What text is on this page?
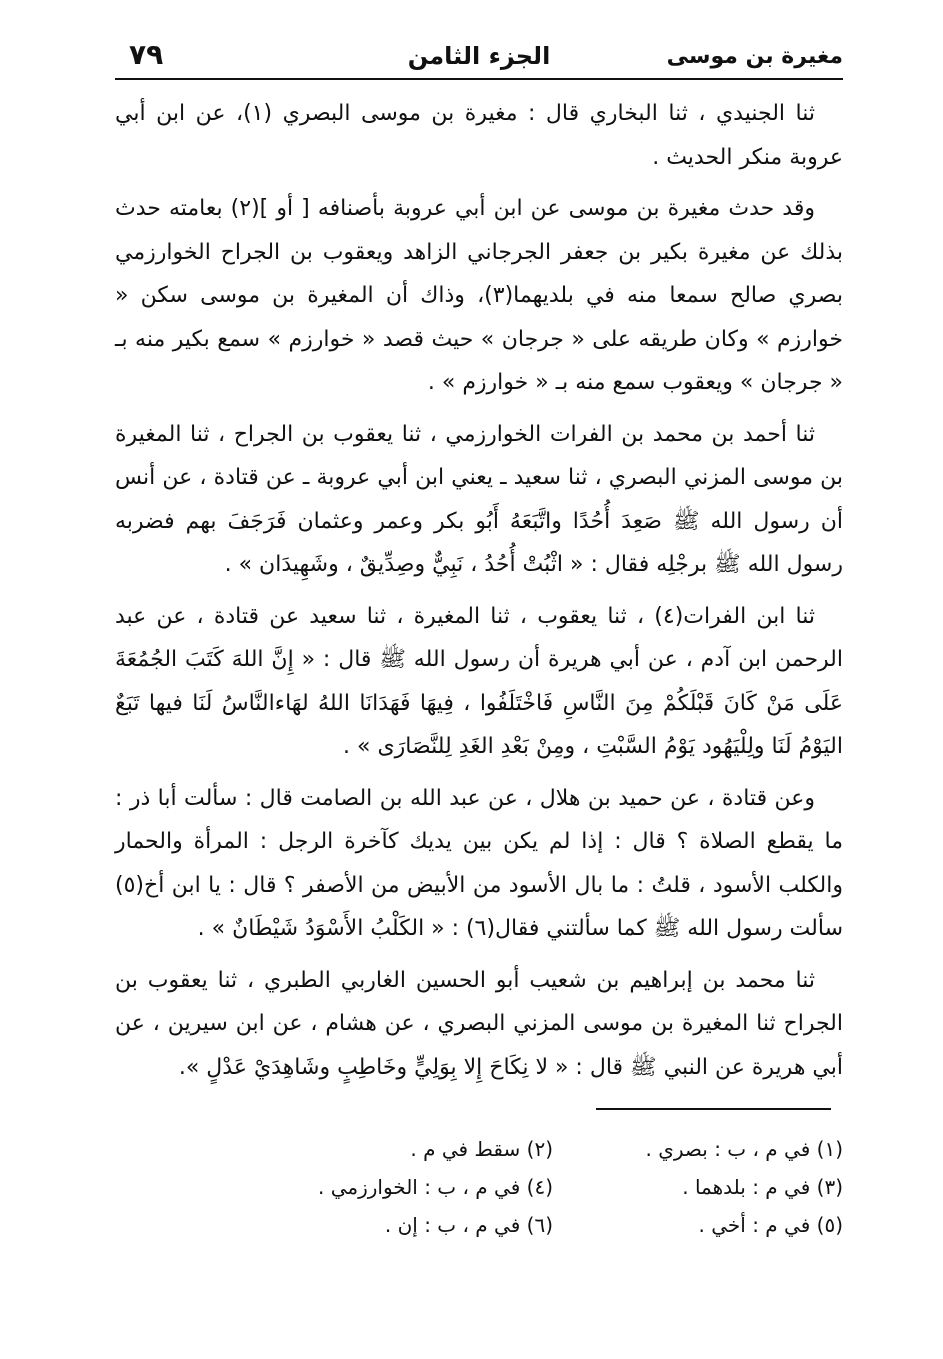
مغيرة بن موسى
الجزء الثامن
٧٩

ثنا الجنيدي ، ثنا البخاري قال : مغيرة بن موسى البصري (١)، عن ابن أبي عروبة منكر الحديث .

وقد حدث مغيرة بن موسى عن ابن أبي عروبة بأصنافه [ أو ](٢) بعامته حدث بذلك عن مغيرة بكير بن جعفر الجرجاني الزاهد ويعقوب بن الجراح الخوارزمي بصري صالح سمعا منه في بلديهما(٣)، وذاك أن المغيرة بن موسى سكن « خوارزم » وكان طريقه على « جرجان » حيث قصد « خوارزم » سمع بكير منه بـ « جرجان » ويعقوب سمع منه بـ « خوارزم » .

ثنا أحمد بن محمد بن الفرات الخوارزمي ، ثنا يعقوب بن الجراح ، ثنا المغيرة بن موسى المزني البصري ، ثنا سعيد ـ يعني ابن أبي عروبة ـ عن قتادة ، عن أنس أن رسول الله ﷺ صَعِدَ أُحُدًا واتَّبَعَهُ أَبُو بكر وعمر وعثمان فَرَجَفَ بهم فضربه رسول الله ﷺ برجْلِه فقال : « اثْبُتْ أُحُدُ ، نَبِيٌّ وصِدِّيقٌ ، وشَهِيدَان » .

ثنا ابن الفرات(٤) ، ثنا يعقوب ، ثنا المغيرة ، ثنا سعيد عن قتادة ، عن عبد الرحمن ابن آدم ، عن أبي هريرة أن رسول الله ﷺ قال : « إِنَّ اللهَ كَتَبَ الجُمُعَةَ عَلَى مَنْ كَانَ قَبْلَكُمْ مِنَ النَّاسِ فَاخْتَلَفُوا ، فِيهَا فَهَدَانَا اللهُ لهَاءالنَّاسُ لَنَا فيها تَبَعٌ اليَوْمُ لَنَا ولِلْيَهُود يَوْمُ السَّبْتِ ، ومِنْ بَعْدِ الغَدِ لِلنَّصَارَى » .

وعن قتادة ، عن حميد بن هلال ، عن عبد الله بن الصامت قال : سألت أبا ذر : ما يقطع الصلاة ؟ قال : إذا لم يكن بين يديك كآخرة الرجل : المرأة والحمار والكلب الأسود ، قلتُ : ما بال الأسود من الأبيض من الأصفر ؟ قال : يا ابن أخ(٥) سألت رسول الله ﷺ كما سألتني فقال(٦) : « الكَلْبُ الأَسْوَدُ شَيْطَانٌ » .

ثنا محمد بن إبراهيم بن شعيب أبو الحسين الغاربي الطبري ، ثنا يعقوب بن الجراح ثنا المغيرة بن موسى المزني البصري ، عن هشام ، عن ابن سيرين ، عن أبي هريرة عن النبي ﷺ قال : « لا نِكَاحَ إِلا بِوَلِيٍّ وخَاطِبٍ وشَاهِدَيْ عَدْلٍ ».

(١) في م ، ب : بصري .
(٢) سقط في م .
(٣) في م : بلدهما .
(٤) في م ، ب : الخوارزمي .
(٥) في م : أخي .
(٦) في م ، ب : إن .
